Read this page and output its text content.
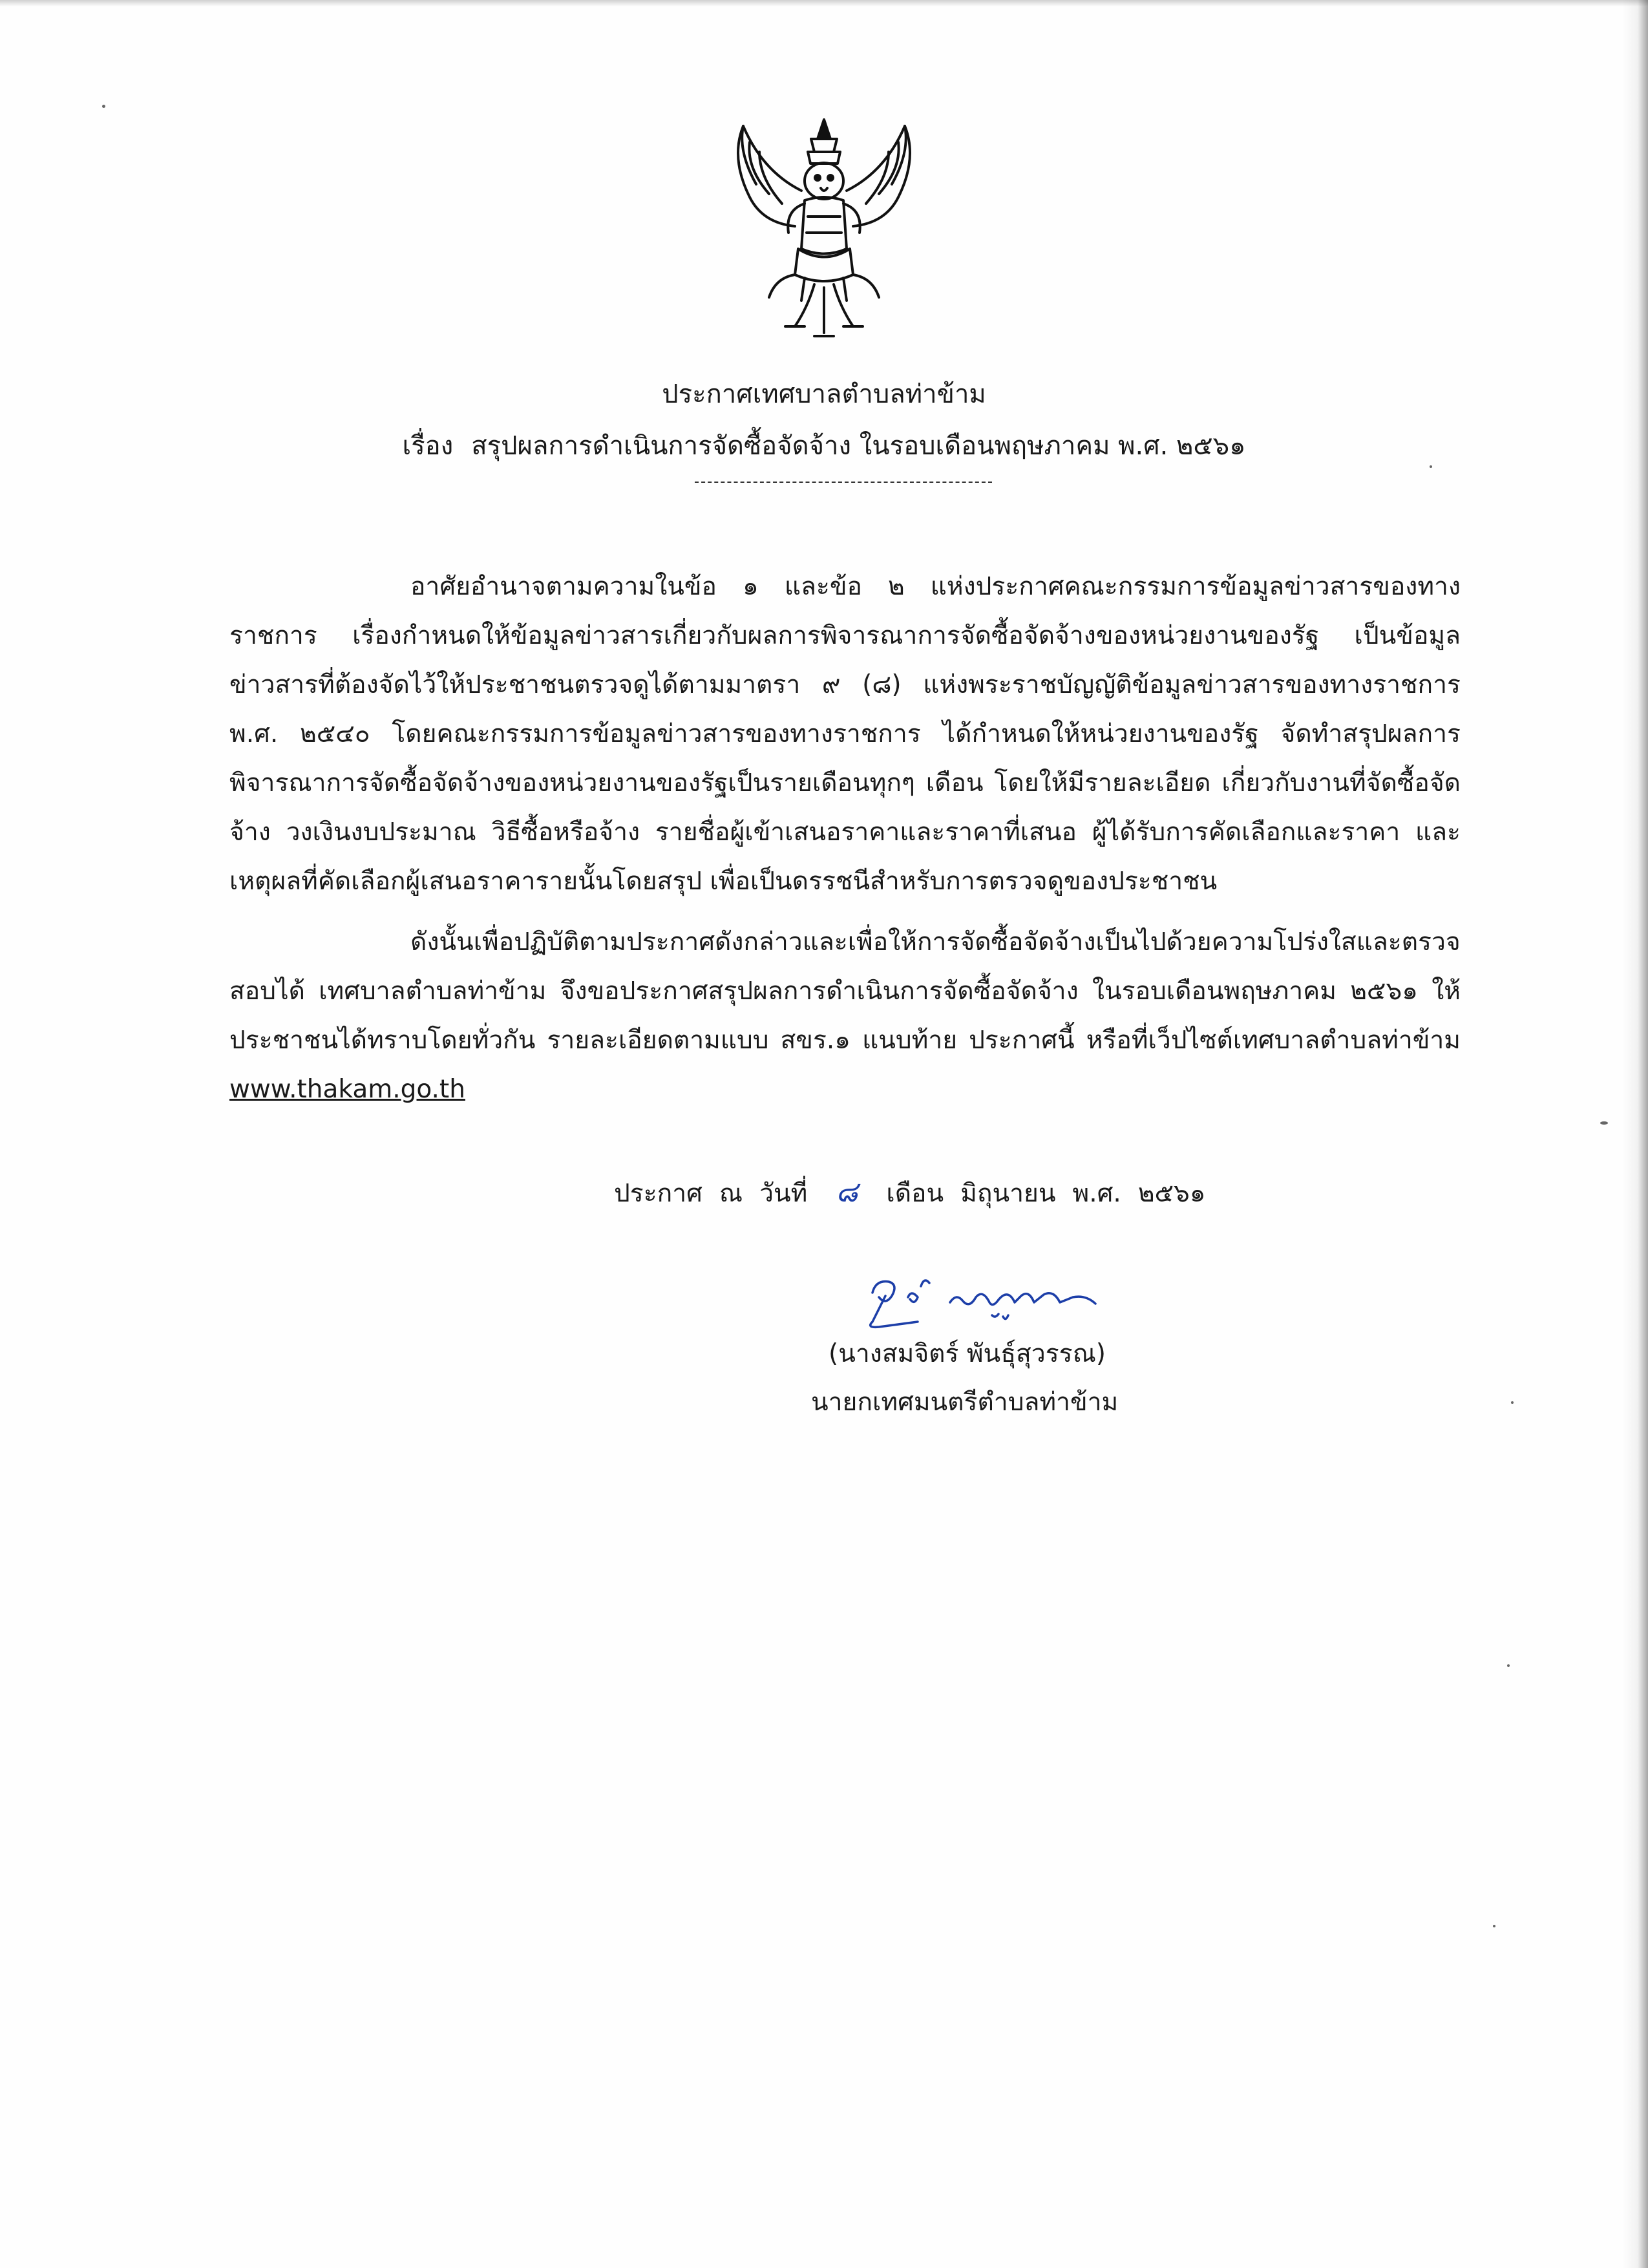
ประกาศเทศบาลตำบลท่าข้าม
เรื่อง สรุปผลการดำเนินการจัดซื้อจัดจ้าง ในรอบเดือนพฤษภาคม พ.ศ. ๒๕๖๑
อาศัยอำนาจตามความในข้อ ๑ และข้อ ๒ แห่งประกาศคณะกรรมการข้อมูลข่าวสารของทางราชการ เรื่องกำหนดให้ข้อมูลข่าวสารเกี่ยวกับผลการพิจารณาการจัดซื้อจัดจ้างของหน่วยงานของรัฐ เป็นข้อมูลข่าวสารที่ต้องจัดไว้ให้ประชาชนตรวจดูได้ตามมาตรา ๙ (๘) แห่งพระราชบัญญัติข้อมูลข่าวสารของทางราชการ พ.ศ. ๒๕๔๐ โดยคณะกรรมการข้อมูลข่าวสารของทางราชการ ได้กำหนดให้หน่วยงานของรัฐ จัดทำสรุปผลการพิจารณาการจัดซื้อจัดจ้างของหน่วยงานของรัฐเป็นรายเดือนทุกๆ เดือน โดยให้มีรายละเอียด เกี่ยวกับงานที่จัดซื้อจัดจ้าง วงเงินงบประมาณ วิธีซื้อหรือจ้าง รายชื่อผู้เข้าเสนอราคาและราคาที่เสนอ ผู้ได้รับการคัดเลือกและราคา และเหตุผลที่คัดเลือกผู้เสนอราคารายนั้นโดยสรุป เพื่อเป็นดรรชนีสำหรับการตรวจดูของประชาชน
ดังนั้นเพื่อปฏิบัติตามประกาศดังกล่าวและเพื่อให้การจัดซื้อจัดจ้างเป็นไปด้วยความโปร่งใสและตรวจสอบได้ เทศบาลตำบลท่าข้าม จึงขอประกาศสรุปผลการดำเนินการจัดซื้อจัดจ้าง ในรอบเดือนพฤษภาคม ๒๕๖๑ ให้ประชาชนได้ทราบโดยทั่วกัน รายละเอียดตามแบบ สขร.๑ แนบท้าย ประกาศนี้ หรือที่เว็ปไซต์เทศบาลตำบลท่าข้าม www.thakam.go.th
ประกาศ ณ วันที่ ๘ เดือน มิถุนายน พ.ศ. ๒๕๖๑
(นางสมจิตร์ พันธุ์สุวรรณ)
นายกเทศมนตรีตำบลท่าข้าม
